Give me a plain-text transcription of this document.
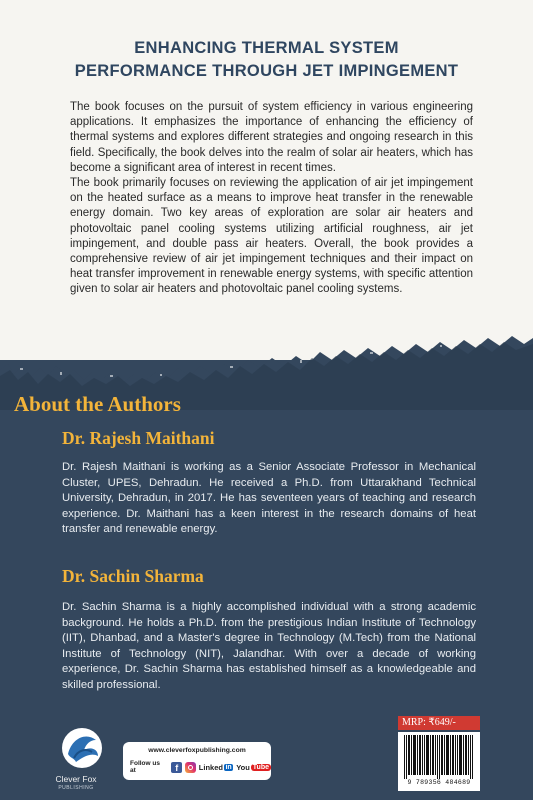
ENHANCING THERMAL SYSTEM
PERFORMANCE THROUGH JET IMPINGEMENT

The book focuses on the pursuit of system efficiency in various engineering applications. It emphasizes the importance of enhancing the efficiency of thermal systems and explores different strategies and ongoing research in this field. Specifically, the book delves into the realm of solar air heaters, which has become a significant area of interest in recent times.

The book primarily focuses on reviewing the application of air jet impingement on the heated surface as a means to improve heat transfer in the renewable energy domain. Two key areas of exploration are solar air heaters and photovoltaic panel cooling systems utilizing artificial roughness, air jet impingement, and double pass air heaters. Overall, the book provides a comprehensive review of air jet impingement techniques and their impact on heat transfer improvement in renewable energy systems, with specific attention given to solar air heaters and photovoltaic panel cooling systems.

About the Authors
Dr. Rajesh Maithani
Dr. Rajesh Maithani is working as a Senior Associate Professor in Mechanical Cluster, UPES, Dehradun. He received a Ph.D. from Uttarakhand Technical University, Dehradun, in 2017. He has seventeen years of teaching and research experience. Dr. Maithani has a keen interest in the research domains of heat transfer and renewable energy.
Dr. Sachin Sharma
Dr. Sachin Sharma is a highly accomplished individual with a strong academic background. He holds a Ph.D. from the prestigious Indian Institute of Technology (IIT), Dhanbad, and a Master's degree in Technology (M.Tech) from the National Institute of Technology (NIT), Jalandhar. With over a decade of working experience, Dr. Sachin Sharma has established himself as a knowledgeable and skilled professional.
Clever Fox
PUBLISHING
www.cleverfoxpublishing.com
Follow us at	f	Linked in You Tube
MRP: ₹649/-
9 789356 484689
